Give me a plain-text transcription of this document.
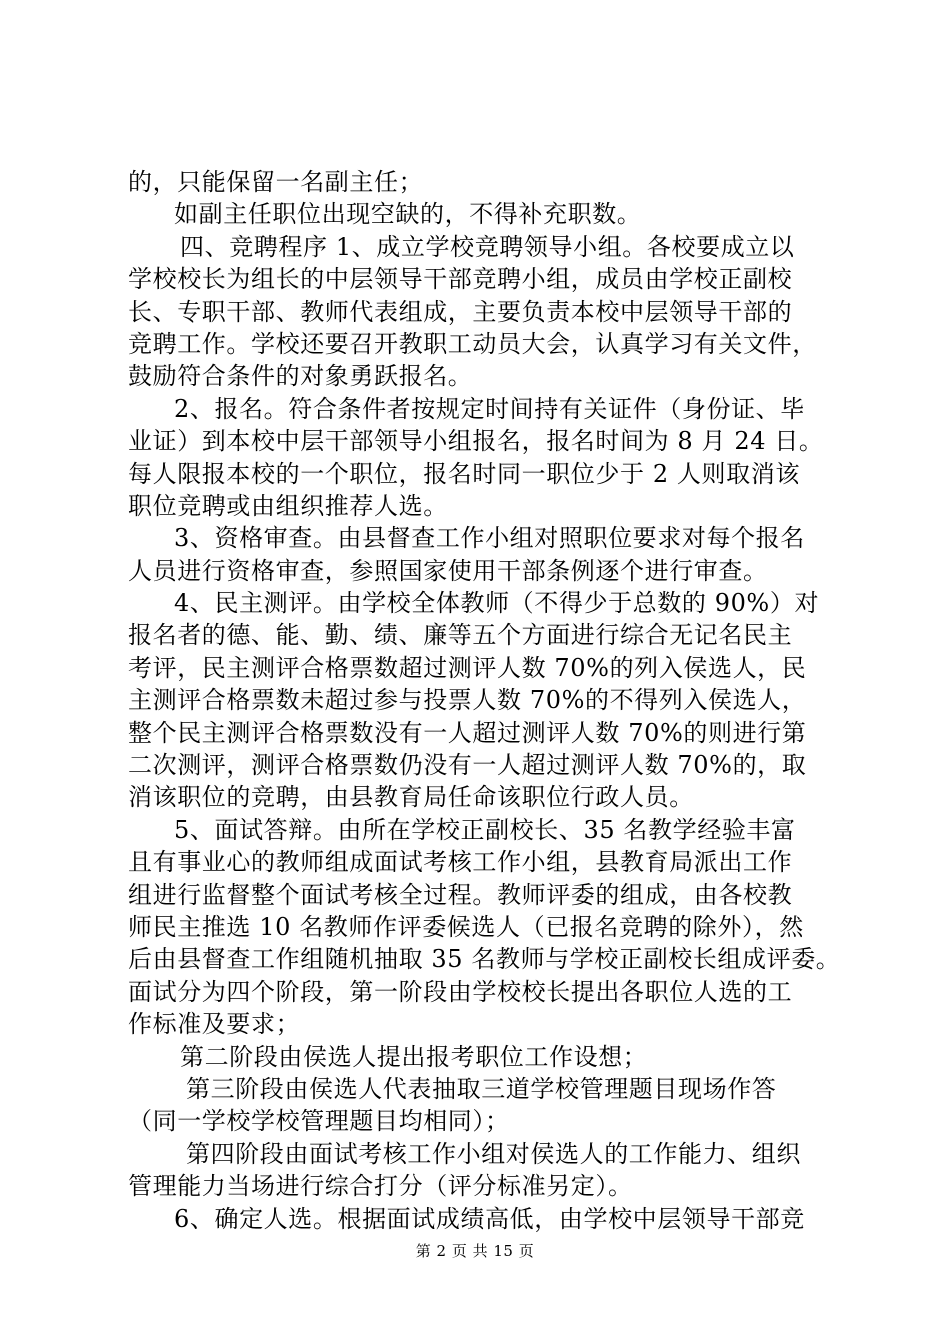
的，只能保留一名副主任；
如副主任职位出现空缺的，不得补充职数。
四、竞聘程序 1、成立学校竞聘领导小组。各校要成立以
学校校长为组长的中层领导干部竞聘小组，成员由学校正副校
长、专职干部、教师代表组成，主要负责本校中层领导干部的
竞聘工作。学校还要召开教职工动员大会，认真学习有关文件，
鼓励符合条件的对象勇跃报名。
2、报名。符合条件者按规定时间持有关证件（身份证、毕
业证）到本校中层干部领导小组报名，报名时间为 8 月 24 日。
每人限报本校的一个职位，报名时同一职位少于 2 人则取消该
职位竞聘或由组织推荐人选。
3、资格审查。由县督查工作小组对照职位要求对每个报名
人员进行资格审查，参照国家使用干部条例逐个进行审查。
4、民主测评。由学校全体教师（不得少于总数的 90%）对
报名者的德、能、勤、绩、廉等五个方面进行综合无记名民主
考评，民主测评合格票数超过测评人数 70%的列入侯选人，民
主测评合格票数未超过参与投票人数 70%的不得列入侯选人，
整个民主测评合格票数没有一人超过测评人数 70%的则进行第
二次测评，测评合格票数仍没有一人超过测评人数 70%的，取
消该职位的竞聘，由县教育局任命该职位行政人员。
5、面试答辩。由所在学校正副校长、35 名教学经验丰富
且有事业心的教师组成面试考核工作小组，县教育局派出工作
组进行监督整个面试考核全过程。教师评委的组成，由各校教
师民主推选 10 名教师作评委候选人（已报名竞聘的除外），然
后由县督查工作组随机抽取 35 名教师与学校正副校长组成评委。
面试分为四个阶段，第一阶段由学校校长提出各职位人选的工
作标准及要求；
第二阶段由侯选人提出报考职位工作设想；
第三阶段由侯选人代表抽取三道学校管理题目现场作答
（同一学校学校管理题目均相同）；
第四阶段由面试考核工作小组对侯选人的工作能力、组织
管理能力当场进行综合打分（评分标准另定）。
6、确定人选。根据面试成绩高低，由学校中层领导干部竞
第 2 页 共 15 页
